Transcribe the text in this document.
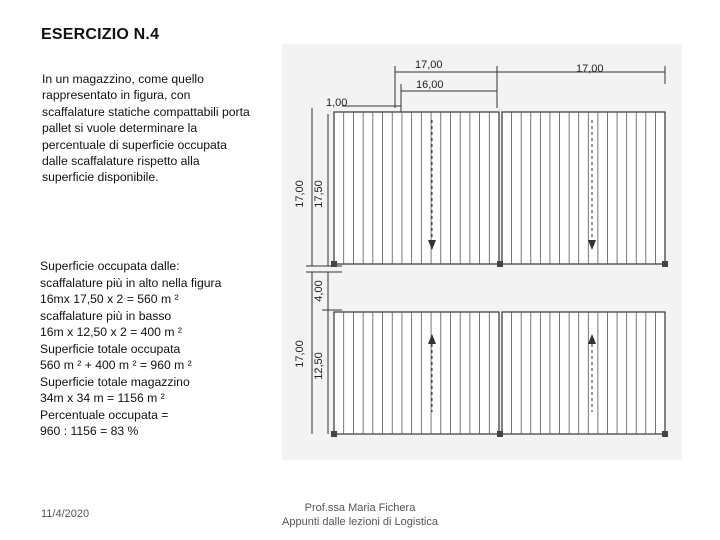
ESERCIZIO N.4
In un magazzino, come quello rappresentato in figura, con scaffalature statiche compattabili porta pallet si vuole determinare la percentuale di superficie occupata dalle scaffalature rispetto alla superficie disponibile.
Superficie occupata dalle:
scaffalature più in alto nella figura
16mx 17,50 x 2 = 560 m ²
scaffalature più in basso
16m x 12,50 x 2 = 400 m ²
Superficie totale occupata
560 m ² + 400 m ² = 960 m ²
Superficie totale magazzino
34m x 34 m = 1156 m ²
Percentuale occupata =
960 : 1156 = 83 %
17,00
16,00
17,00
1,00
17,00 17,50
4,00
17,00 12,50
11/4/2020	Prof.ssa Maria Fichera
Appunti dalle lezioni di Logistica
